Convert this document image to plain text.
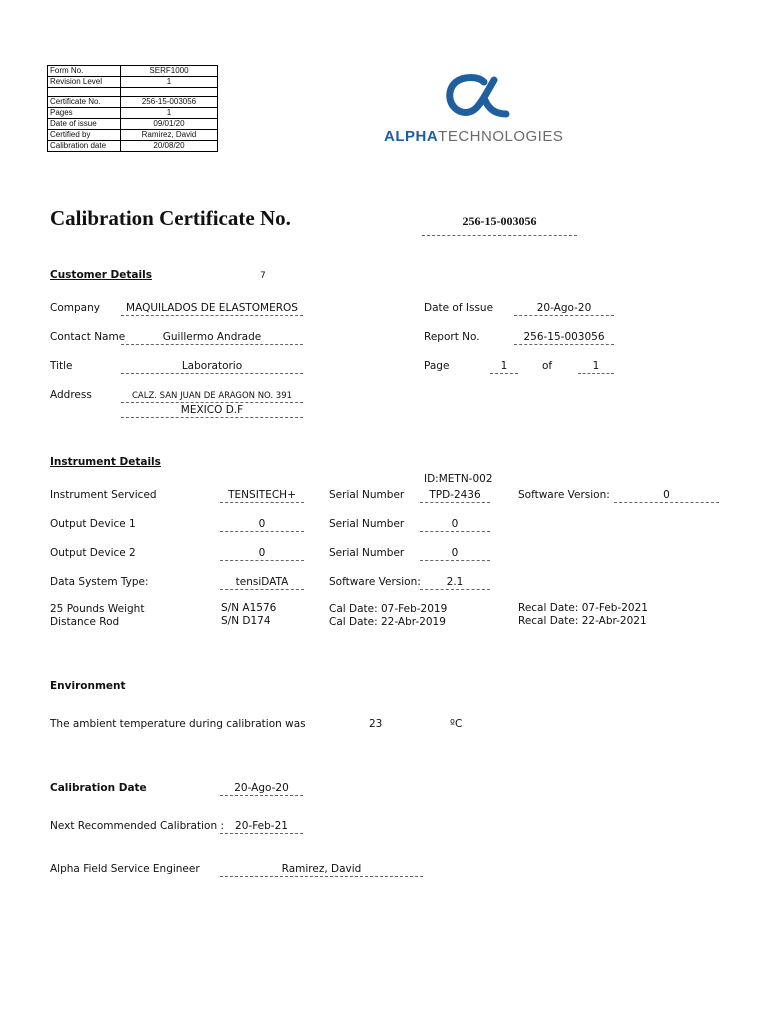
Form No.	SERF1000
Revision Level	1

Certificate No.	256-15-003056
Pages	1
Date of issue	09/01/20
Certified by	Ramirez, David
Calibration date	20/08/20
ALPHATECHNOLOGIES
Calibration Certificate No.	256-15-003056
Customer Details	7
Company	MAQUILADOS DE ELASTOMEROS
Contact Name	Guillermo Andrade
Title	Laboratorio
Address	CALZ. SAN JUAN DE ARAGON NO. 391
MEXICO D.F
Date of Issue	20-Ago-20
Report No.	256-15-003056
Page	1	of	1
Instrument Details
ID:METN-002
Instrument Serviced	TENSITECH+	Serial Number	TPD-2436	Software Version:	0
Output Device 1	0	Serial Number	0
Output Device 2	0	Serial Number	0
Data System Type:	tensiDATA	Software Version:	2.1
25 Pounds Weight	S/N A1576	Cal Date: 07-Feb-2019	Recal Date: 07-Feb-2021
Distance Rod	S/N D174	Cal Date: 22-Abr-2019	Recal Date: 22-Abr-2021
Environment
The ambient temperature during calibration was	23	ºC
Calibration Date	20-Ago-20
Next Recommended Calibration :	20-Feb-21
Alpha Field Service Engineer	Ramirez, David
